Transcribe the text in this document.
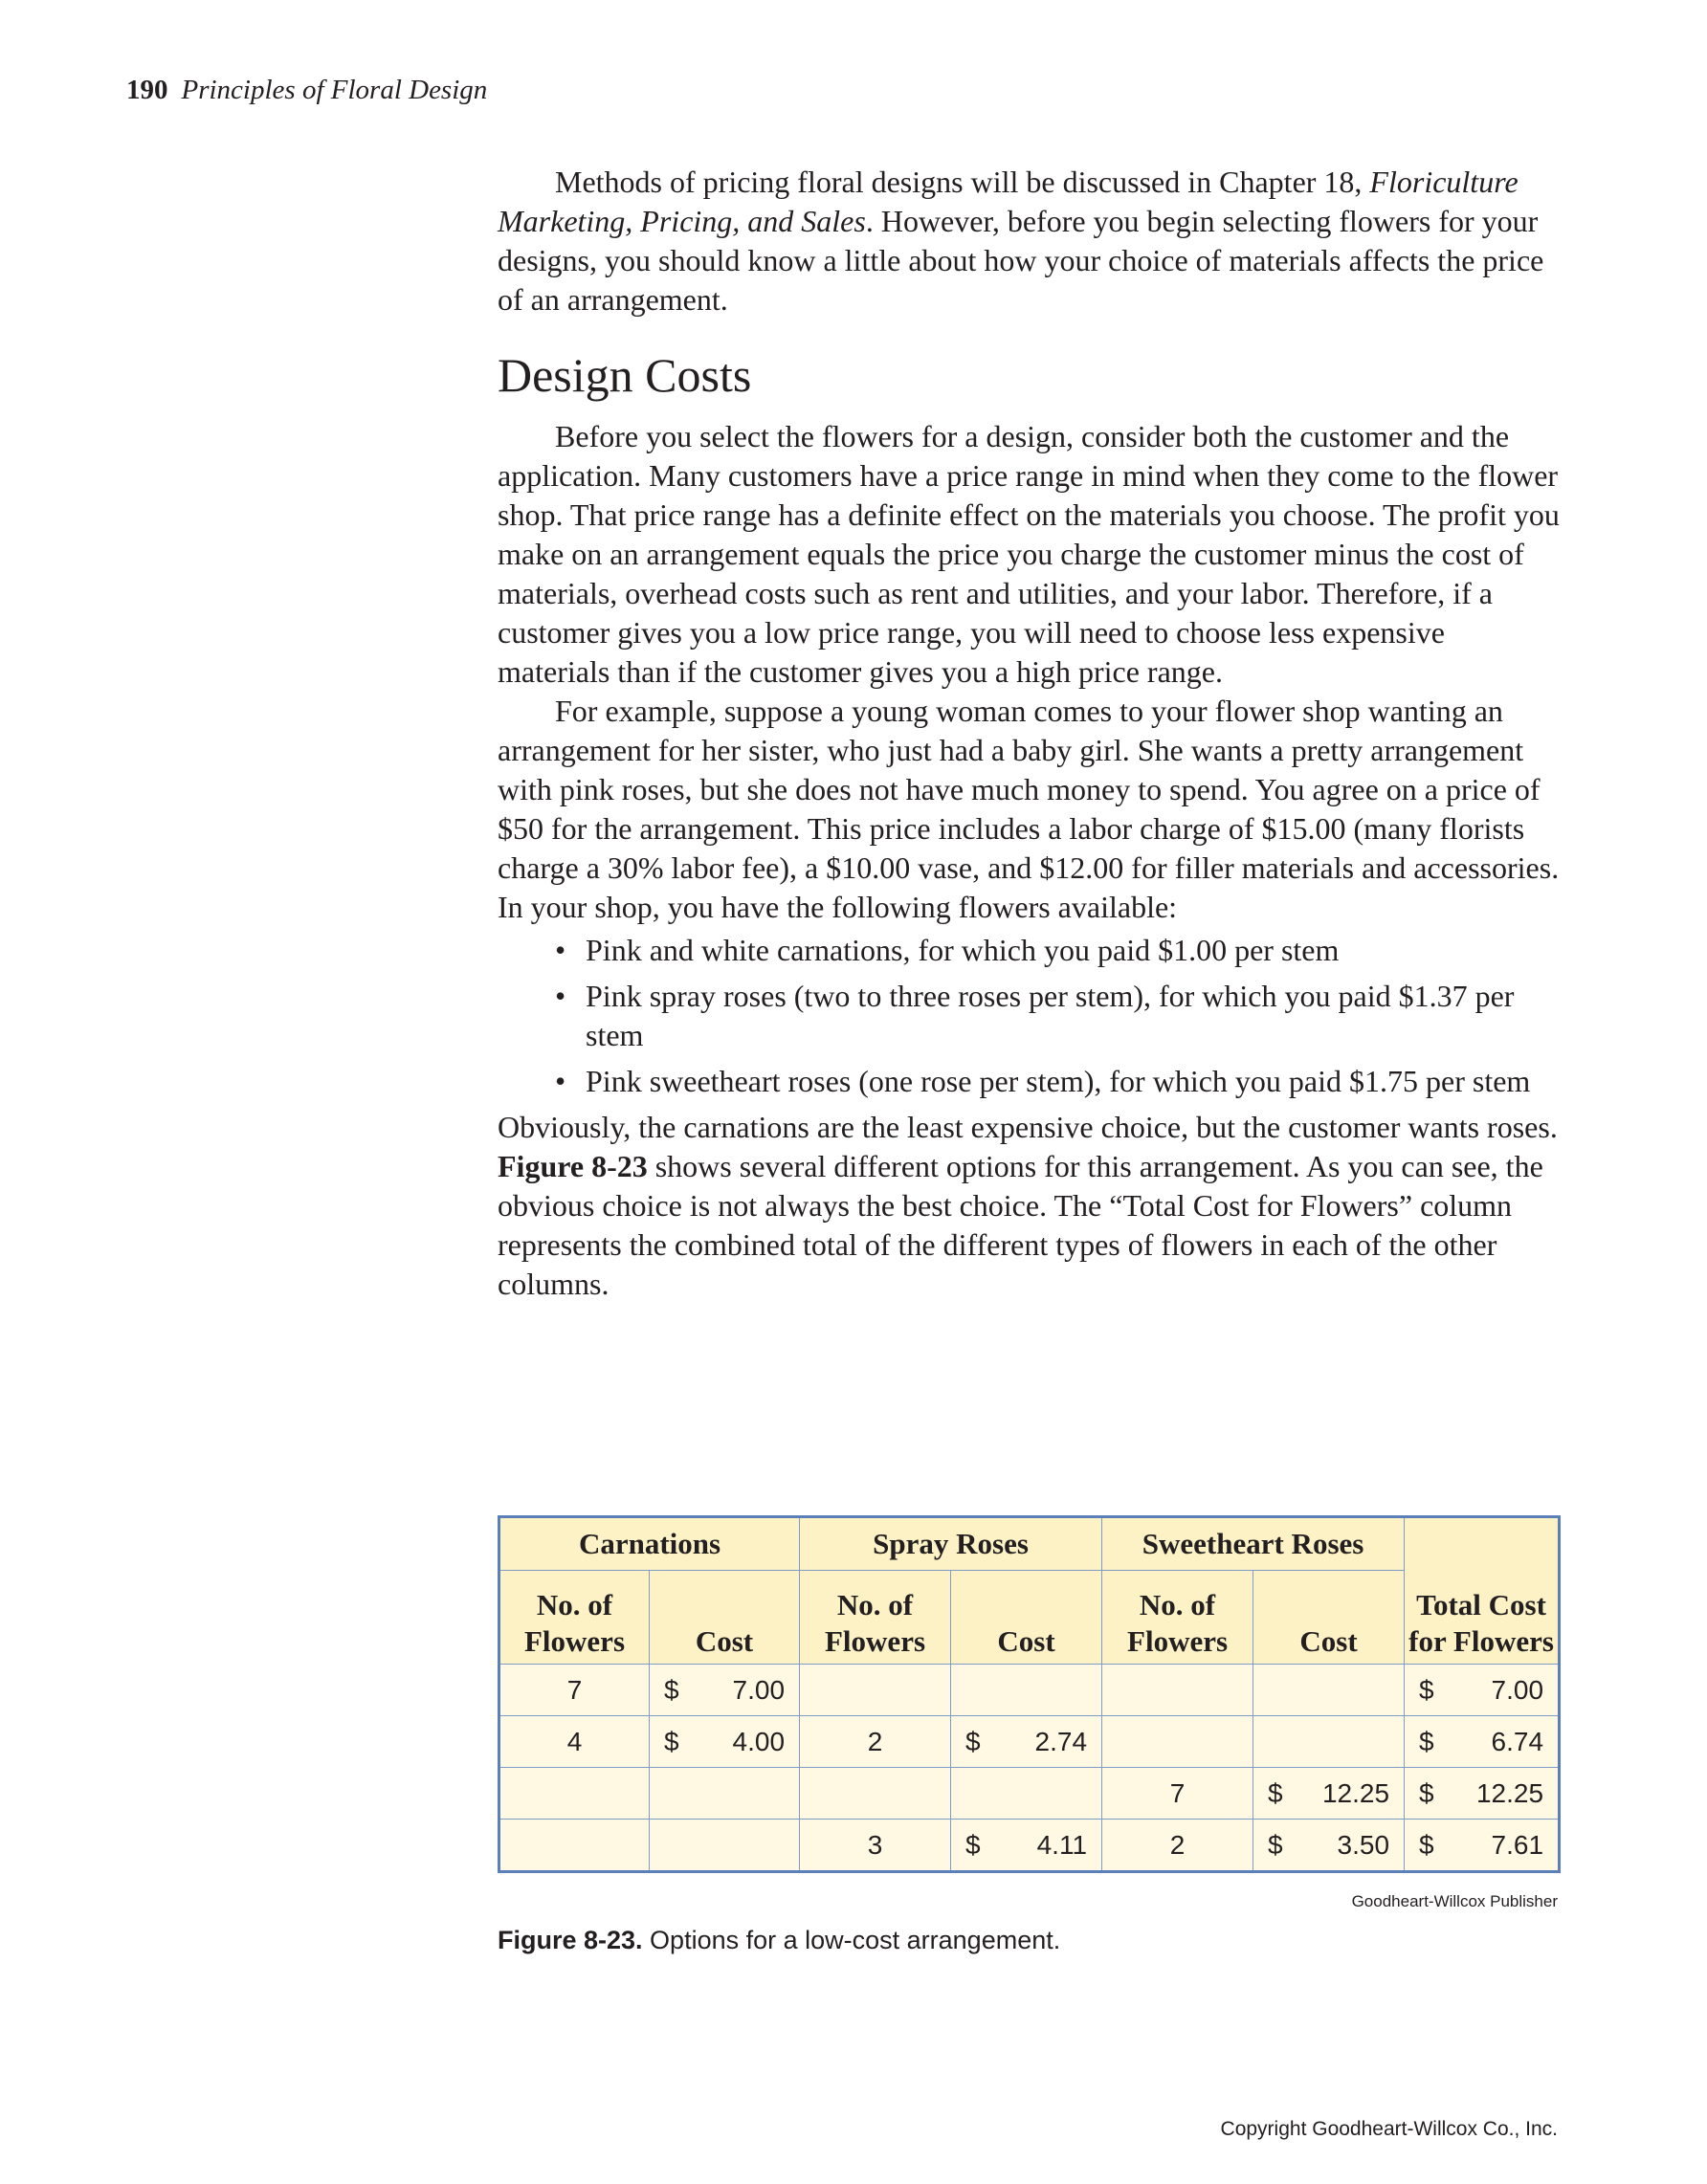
190 Principles of Floral Design

Methods of pricing floral designs will be discussed in Chapter 18, Floriculture Marketing, Pricing, and Sales. However, before you begin selecting flowers for your designs, you should know a little about how your choice of materials affects the price of an arrangement.

Design Costs

Before you select the flowers for a design, consider both the customer and the application. Many customers have a price range in mind when they come to the flower shop. That price range has a definite effect on the materials you choose. The profit you make on an arrangement equals the price you charge the customer minus the cost of materials, overhead costs such as rent and utilities, and your labor. Therefore, if a customer gives you a low price range, you will need to choose less expensive materials than if the customer gives you a high price range.

For example, suppose a young woman comes to your flower shop wanting an arrangement for her sister, who just had a baby girl. She wants a pretty arrangement with pink roses, but she does not have much money to spend. You agree on a price of $50 for the arrangement. This price includes a labor charge of $15.00 (many florists charge a 30% labor fee), a $10.00 vase, and $12.00 for filler materials and accessories. In your shop, you have the following flowers available:

• Pink and white carnations, for which you paid $1.00 per stem
• Pink spray roses (two to three roses per stem), for which you paid $1.37 per stem
• Pink sweetheart roses (one rose per stem), for which you paid $1.75 per stem

Obviously, the carnations are the least expensive choice, but the customer wants roses. Figure 8-23 shows several different options for this arrangement. As you can see, the obvious choice is not always the best choice. The “Total Cost for Flowers” column represents the combined total of the different types of flowers in each of the other columns.

Carnations		Spray Roses		Sweetheart Roses		Total Cost for Flowers
No. of Flowers	Cost	No. of Flowers	Cost	No. of Flowers	Cost	
7	$ 7.00					$ 7.00

4	$ 4.00	2	$ 2.74			$ 6.74

				7	$ 12.25	$ 12.25

		3	$ 4.11	2	$ 3.50	$ 7.61
Goodheart-Willcox Publisher
Figure 8-23. Options for a low-cost arrangement.
Copyright Goodheart-Willcox Co., Inc.
